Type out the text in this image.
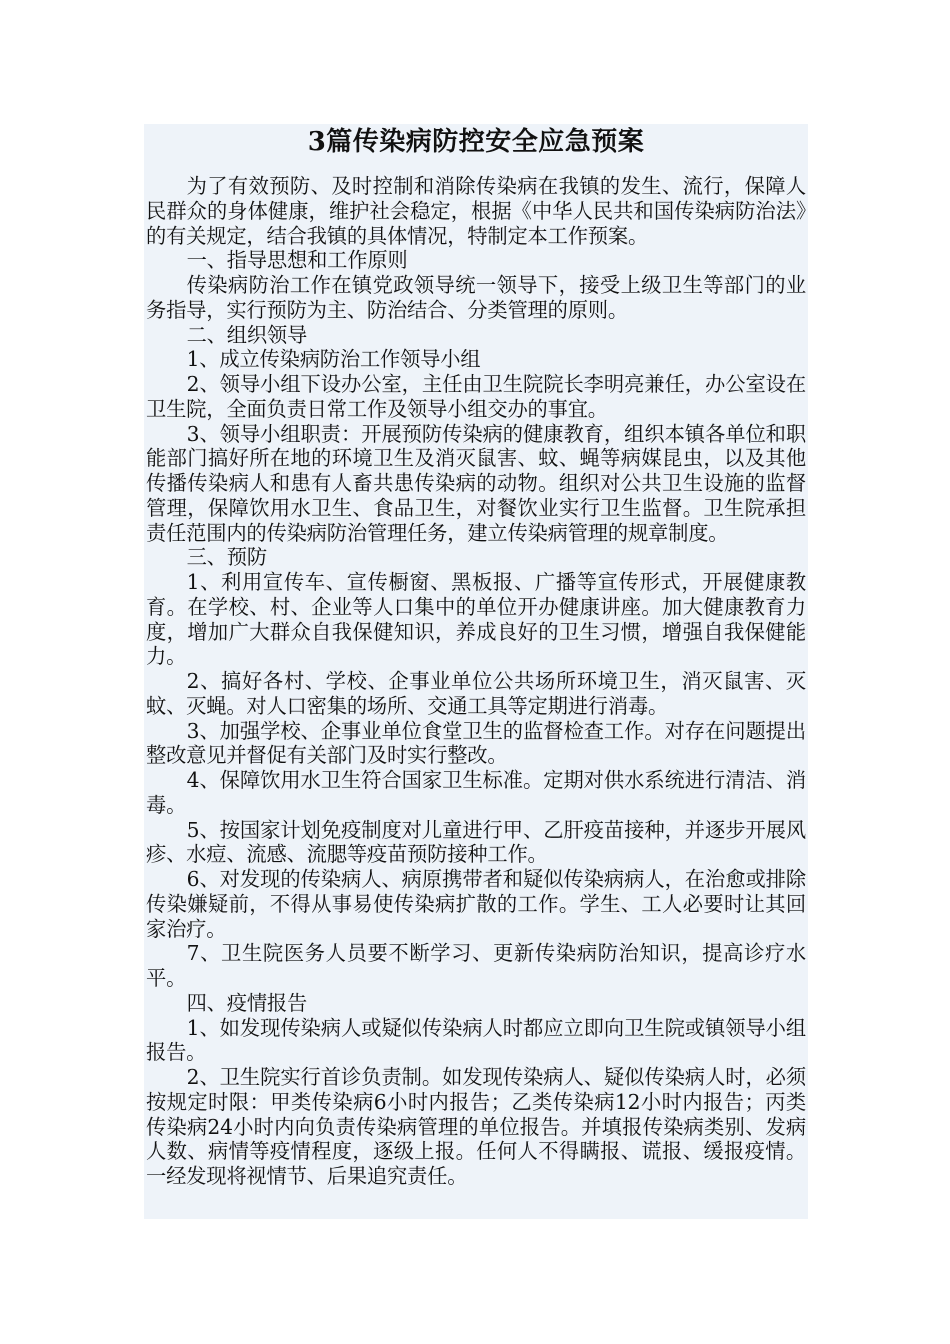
3篇传染病防控安全应急预案

为了有效预防、及时控制和消除传染病在我镇的发生、流行，保障人民群众的身体健康，维护社会稳定，根据《中华人民共和国传染病防治法》的有关规定，结合我镇的具体情况，特制定本工作预案。

一、指导思想和工作原则

传染病防治工作在镇党政领导统一领导下，接受上级卫生等部门的业务指导，实行预防为主、防治结合、分类管理的原则。

二、组织领导

1、成立传染病防治工作领导小组

2、领导小组下设办公室，主任由卫生院院长李明亮兼任，办公室设在卫生院，全面负责日常工作及领导小组交办的事宜。

3、领导小组职责：开展预防传染病的健康教育，组织本镇各单位和职能部门搞好所在地的环境卫生及消灭鼠害、蚊、蝇等病媒昆虫，以及其他传播传染病人和患有人畜共患传染病的动物。组织对公共卫生设施的监督管理，保障饮用水卫生、食品卫生，对餐饮业实行卫生监督。卫生院承担责任范围内的传染病防治管理任务，建立传染病管理的规章制度。

三、预防

1、利用宣传车、宣传橱窗、黑板报、广播等宣传形式，开展健康教育。在学校、村、企业等人口集中的单位开办健康讲座。加大健康教育力度，增加广大群众自我保健知识，养成良好的卫生习惯，增强自我保健能力。

2、搞好各村、学校、企事业单位公共场所环境卫生，消灭鼠害、灭蚊、灭蝇。对人口密集的场所、交通工具等定期进行消毒。

3、加强学校、企事业单位食堂卫生的监督检查工作。对存在问题提出整改意见并督促有关部门及时实行整改。

4、保障饮用水卫生符合国家卫生标准。定期对供水系统进行清洁、消毒。

5、按国家计划免疫制度对儿童进行甲、乙肝疫苗接种，并逐步开展风疹、水痘、流感、流腮等疫苗预防接种工作。

6、对发现的传染病人、病原携带者和疑似传染病病人，在治愈或排除传染嫌疑前，不得从事易使传染病扩散的工作。学生、工人必要时让其回家治疗。

7、卫生院医务人员要不断学习、更新传染病防治知识，提高诊疗水平。

四、疫情报告

1、如发现传染病人或疑似传染病人时都应立即向卫生院或镇领导小组报告。

2、卫生院实行首诊负责制。如发现传染病人、疑似传染病人时，必须按规定时限：甲类传染病6小时内报告；乙类传染病12小时内报告；丙类传染病24小时内向负责传染病管理的单位报告。并填报传染病类别、发病人数、病情等疫情程度，逐级上报。任何人不得瞒报、谎报、缓报疫情。一经发现将视情节、后果追究责任。
